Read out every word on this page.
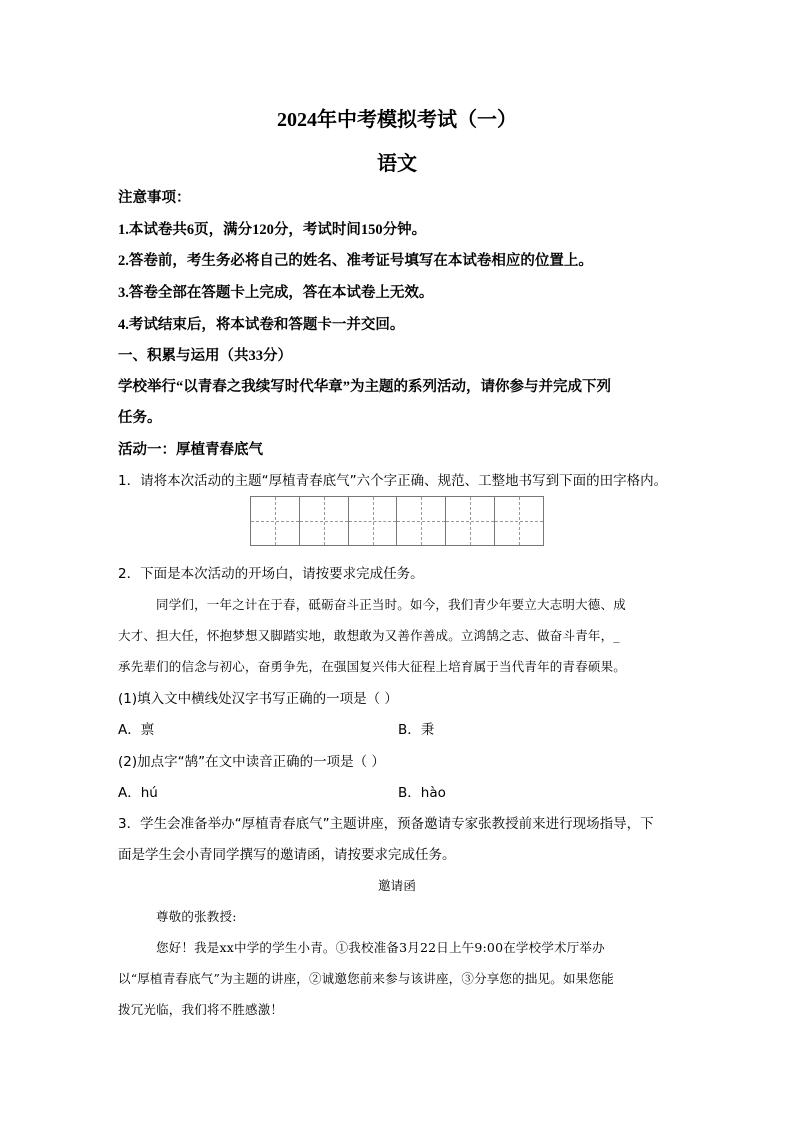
2024年中考模拟考试（一）
语文
注意事项：
1.本试卷共6页，满分120分，考试时间150分钟。
2.答卷前，考生务必将自己的姓名、准考证号填写在本试卷相应的位置上。
3.答卷全部在答题卡上完成，答在本试卷上无效。
4.考试结束后，将本试卷和答题卡一并交回。
一、积累与运用（共33分）
学校举行“以青春之我续写时代华章”为主题的系列活动，请你参与并完成下列
任务。
活动一：厚植青春底气
1．请将本次活动的主题“厚植青春底气”六个字正确、规范、工整地书写到下面的田字格内。
2．下面是本次活动的开场白，请按要求完成任务。
同学们，一年之计在于春，砥砺奋斗正当时。如今，我们青少年要立大志明大德、成
大才、担大任，怀抱梦想又脚踏实地，敢想敢为又善作善成。立鸿鹄之志、做奋斗青年，_
承先辈们的信念与初心，奋勇争先，在强国复兴伟大征程上培育属于当代青年的青春硕果。
(1)填入文中横线处汉字书写正确的一项是（ ）
A．禀	B．秉
(2)加点字“鹄”在文中读音正确的一项是（ ）
A．hú	B．hào
3．学生会准备举办“厚植青春底气”主题讲座，预备邀请专家张教授前来进行现场指导，下
面是学生会小青同学撰写的邀请函，请按要求完成任务。
邀请函
尊敬的张教授:
您好！我是xx中学的学生小青。①我校准备3月22日上午9:00在学校学术厅举办
以“厚植青春底气”为主题的讲座，②诚邀您前来参与该讲座，③分享您的拙见。如果您能
拨冗光临，我们将不胜感激！
